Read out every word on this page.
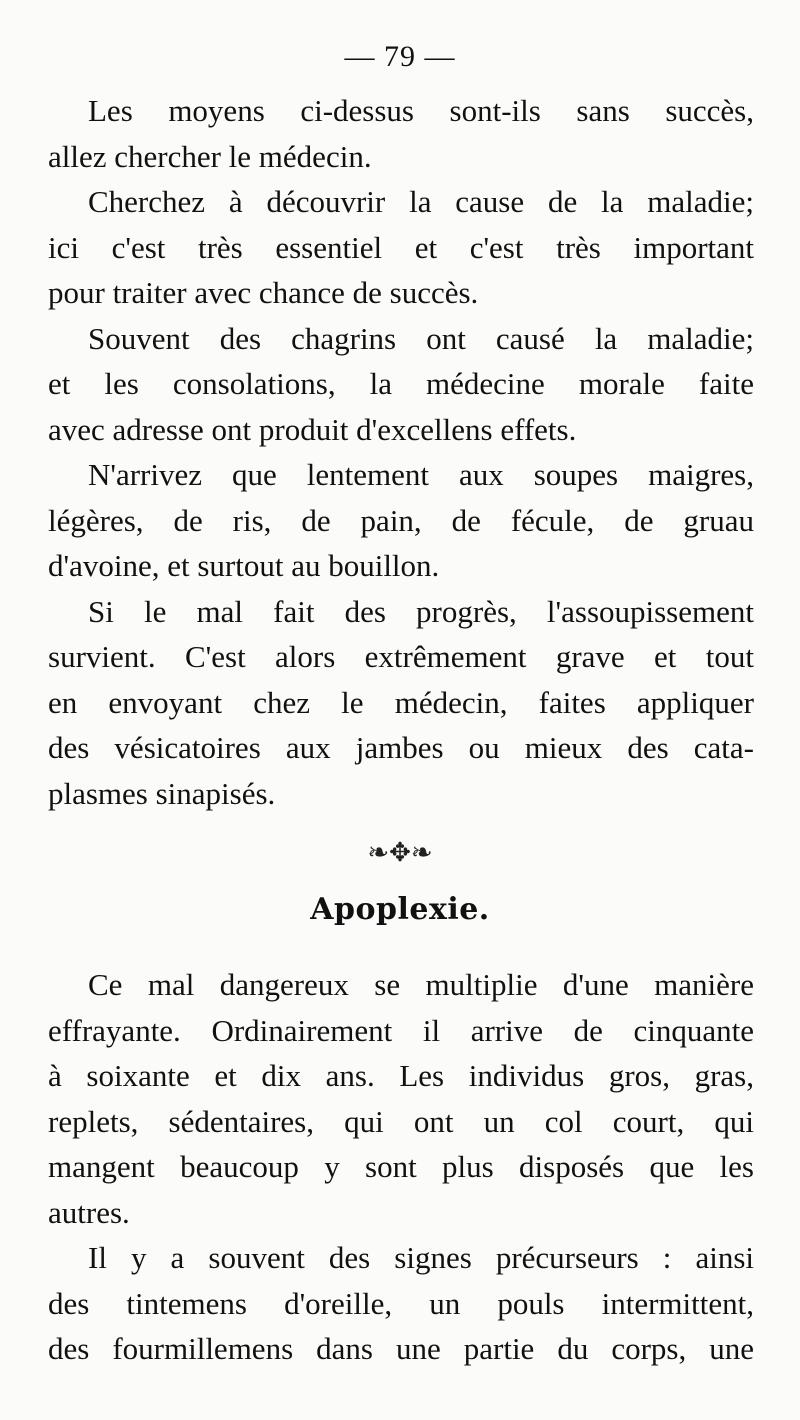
— 79 —
Les moyens ci-dessus sont-ils sans succès,
allez chercher le médecin.
Cherchez à découvrir la cause de la maladie;
ici c'est très essentiel et c'est très important
pour traiter avec chance de succès.
Souvent des chagrins ont causé la maladie;
et les consolations, la médecine morale faite
avec adresse ont produit d'excellens effets.
N'arrivez que lentement aux soupes maigres,
légères, de ris, de pain, de fécule, de gruau
d'avoine, et surtout au bouillon.
Si le mal fait des progrès, l'assoupissement
survient. C'est alors extrêmement grave et tout
en envoyant chez le médecin, faites appliquer
des vésicatoires aux jambes ou mieux des cata-
plasmes sinapisés.
❧✥❧
Apoplexie.
Ce mal dangereux se multiplie d'une manière
effrayante. Ordinairement il arrive de cinquante
à soixante et dix ans. Les individus gros, gras,
replets, sédentaires, qui ont un col court, qui
mangent beaucoup y sont plus disposés que les
autres.
Il y a souvent des signes précurseurs : ainsi
des tintemens d'oreille, un pouls intermittent,
des fourmillemens dans une partie du corps, une
